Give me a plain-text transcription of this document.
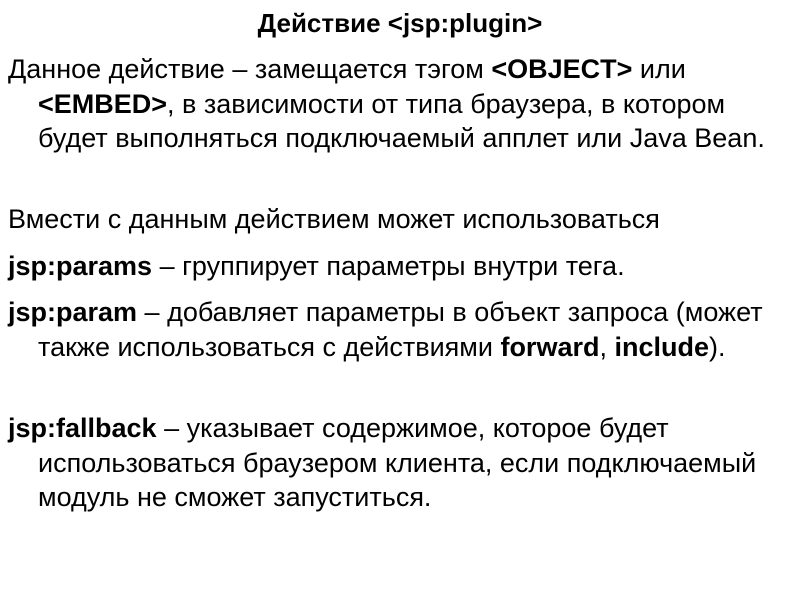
Действие <jsp:plugin>
Данное действие – замещается тэгом <OBJECT> или <EMBED>, в зависимости от типа браузера, в котором будет выполняться подключаемый апплет или Java Bean.
Вмести с данным действием может использоваться
jsp:params – группирует параметры внутри тега.
jsp:param – добавляет параметры в объект запроса (может также использоваться с действиями forward, include).
jsp:fallback – указывает содержимое, которое будет использоваться браузером клиента, если подключаемый модуль не сможет запуститься.
